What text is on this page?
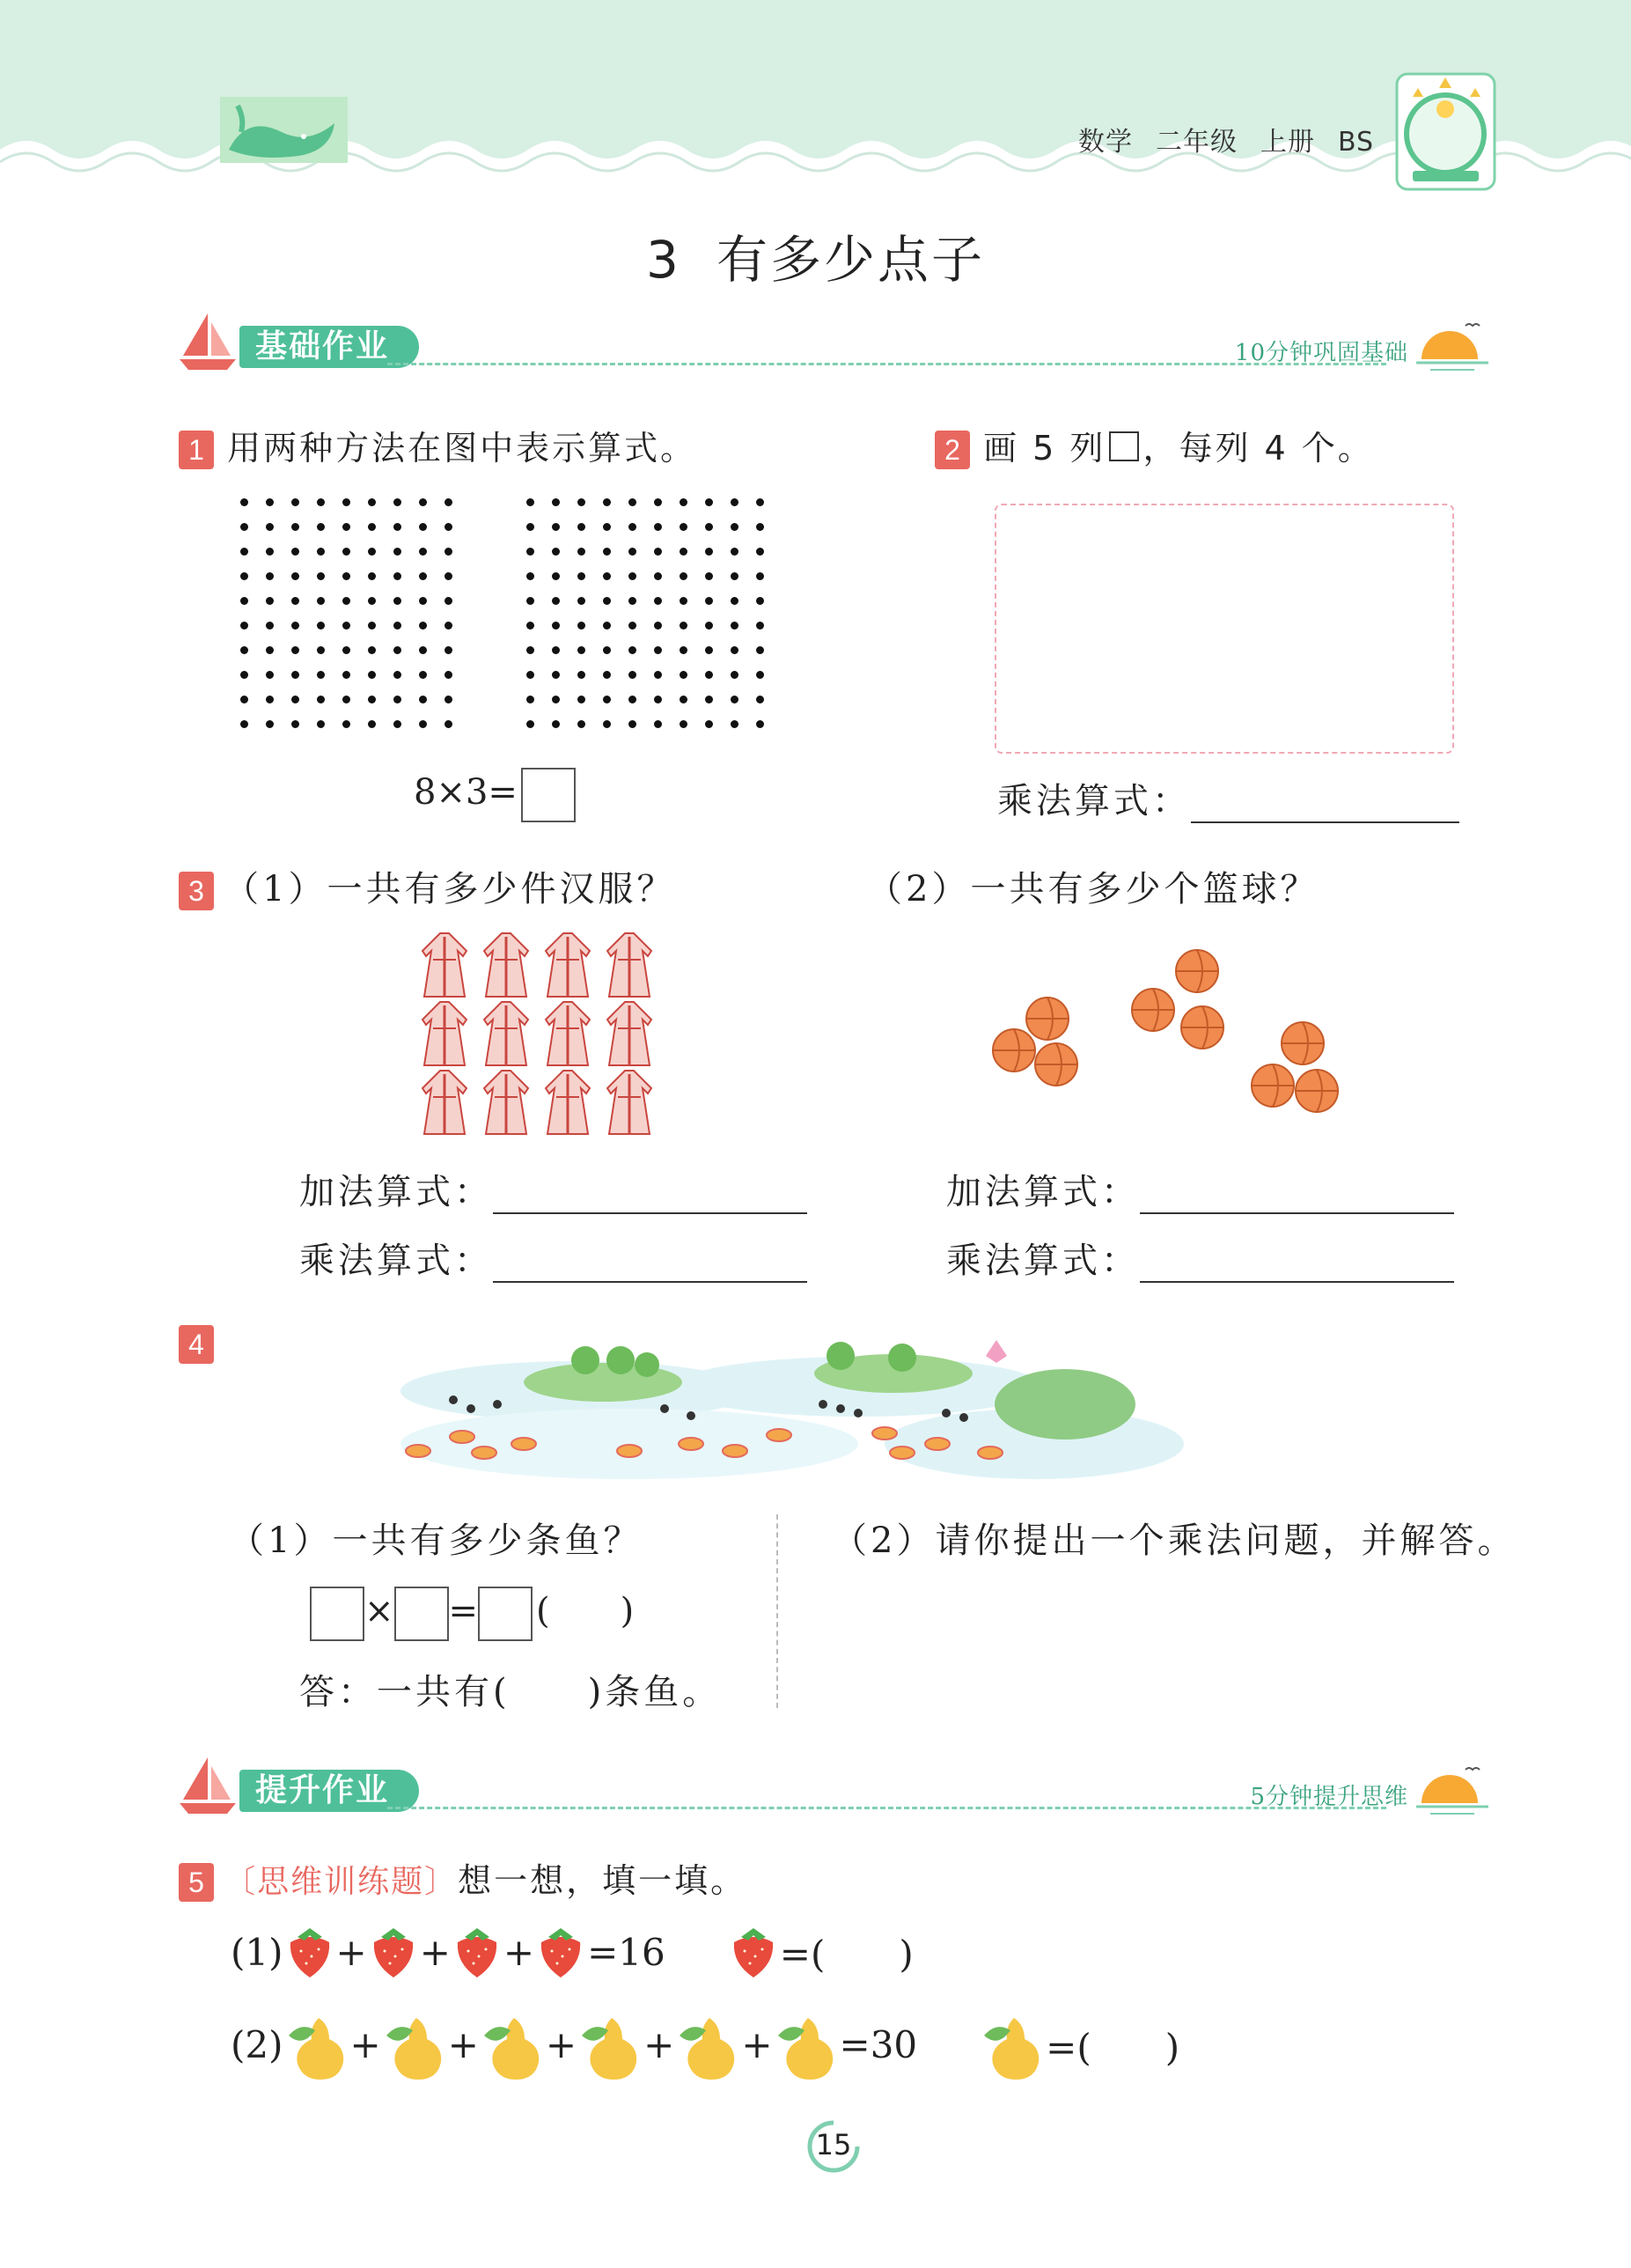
数学 二年级 上册 BS
3 有多少点子
基础作业	10分钟巩固基础
1 用两种方法在图中表示算式。
8×3=
2 画 5 列 ，每列 4 个。
乘法算式：
3 （1）一共有多少件汉服？	（2）一共有多少个篮球？
加法算式：
乘法算式：
加法算式：
乘法算式：
4
（1）一共有多少条鱼？	（2）请你提出一个乘法问题，并解答。
× = (　　)
答：一共有(　　)条鱼。
提升作业	5分钟提升思维
5 〔思维训练题〕想一想，填一填。
(1) + + + =16	=(　　)
(2) + + + + + =30	=(　　)
15
